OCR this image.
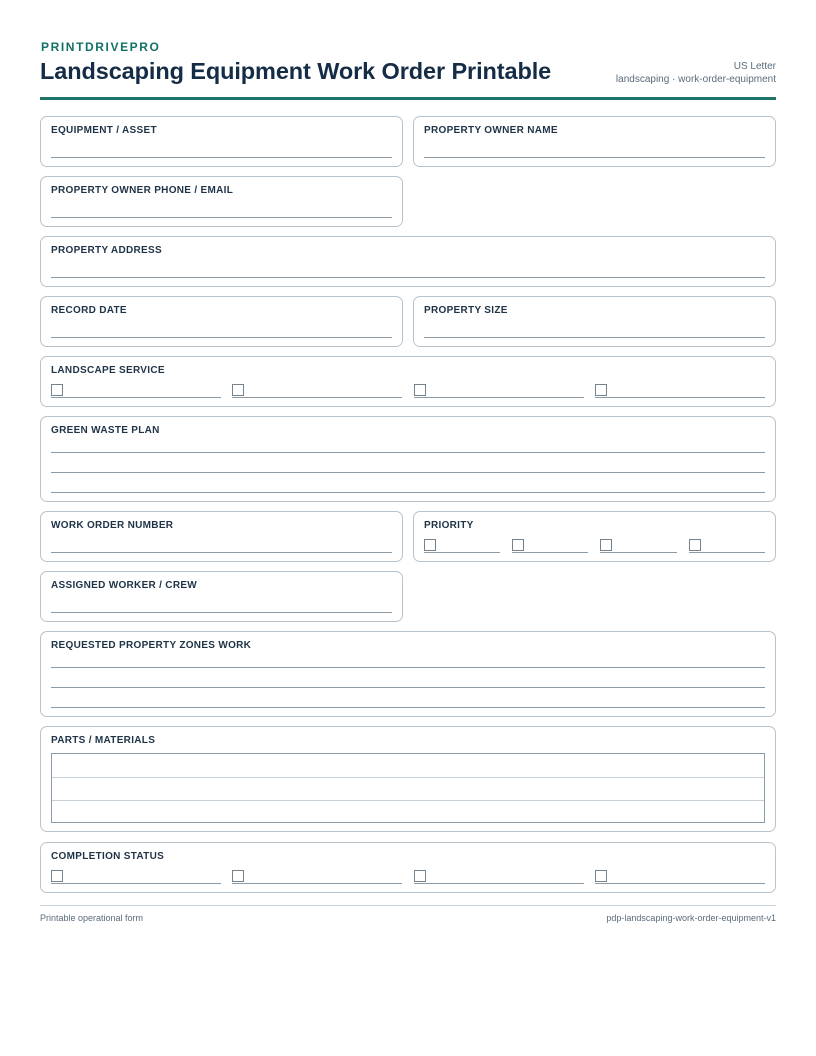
PRINTDRIVEPRO
Landscaping Equipment Work Order Printable	US Letter
landscaping · work-order-equipment
EQUIPMENT / ASSET	PROPERTY OWNER NAME
PROPERTY OWNER PHONE / EMAIL
PROPERTY ADDRESS
RECORD DATE	PROPERTY SIZE
LANDSCAPE SERVICE
GREEN WASTE PLAN
WORK ORDER NUMBER	PRIORITY
ASSIGNED WORKER / CREW
REQUESTED PROPERTY ZONES WORK
PARTS / MATERIALS
COMPLETION STATUS
Printable operational form	pdp-landscaping-work-order-equipment-v1
